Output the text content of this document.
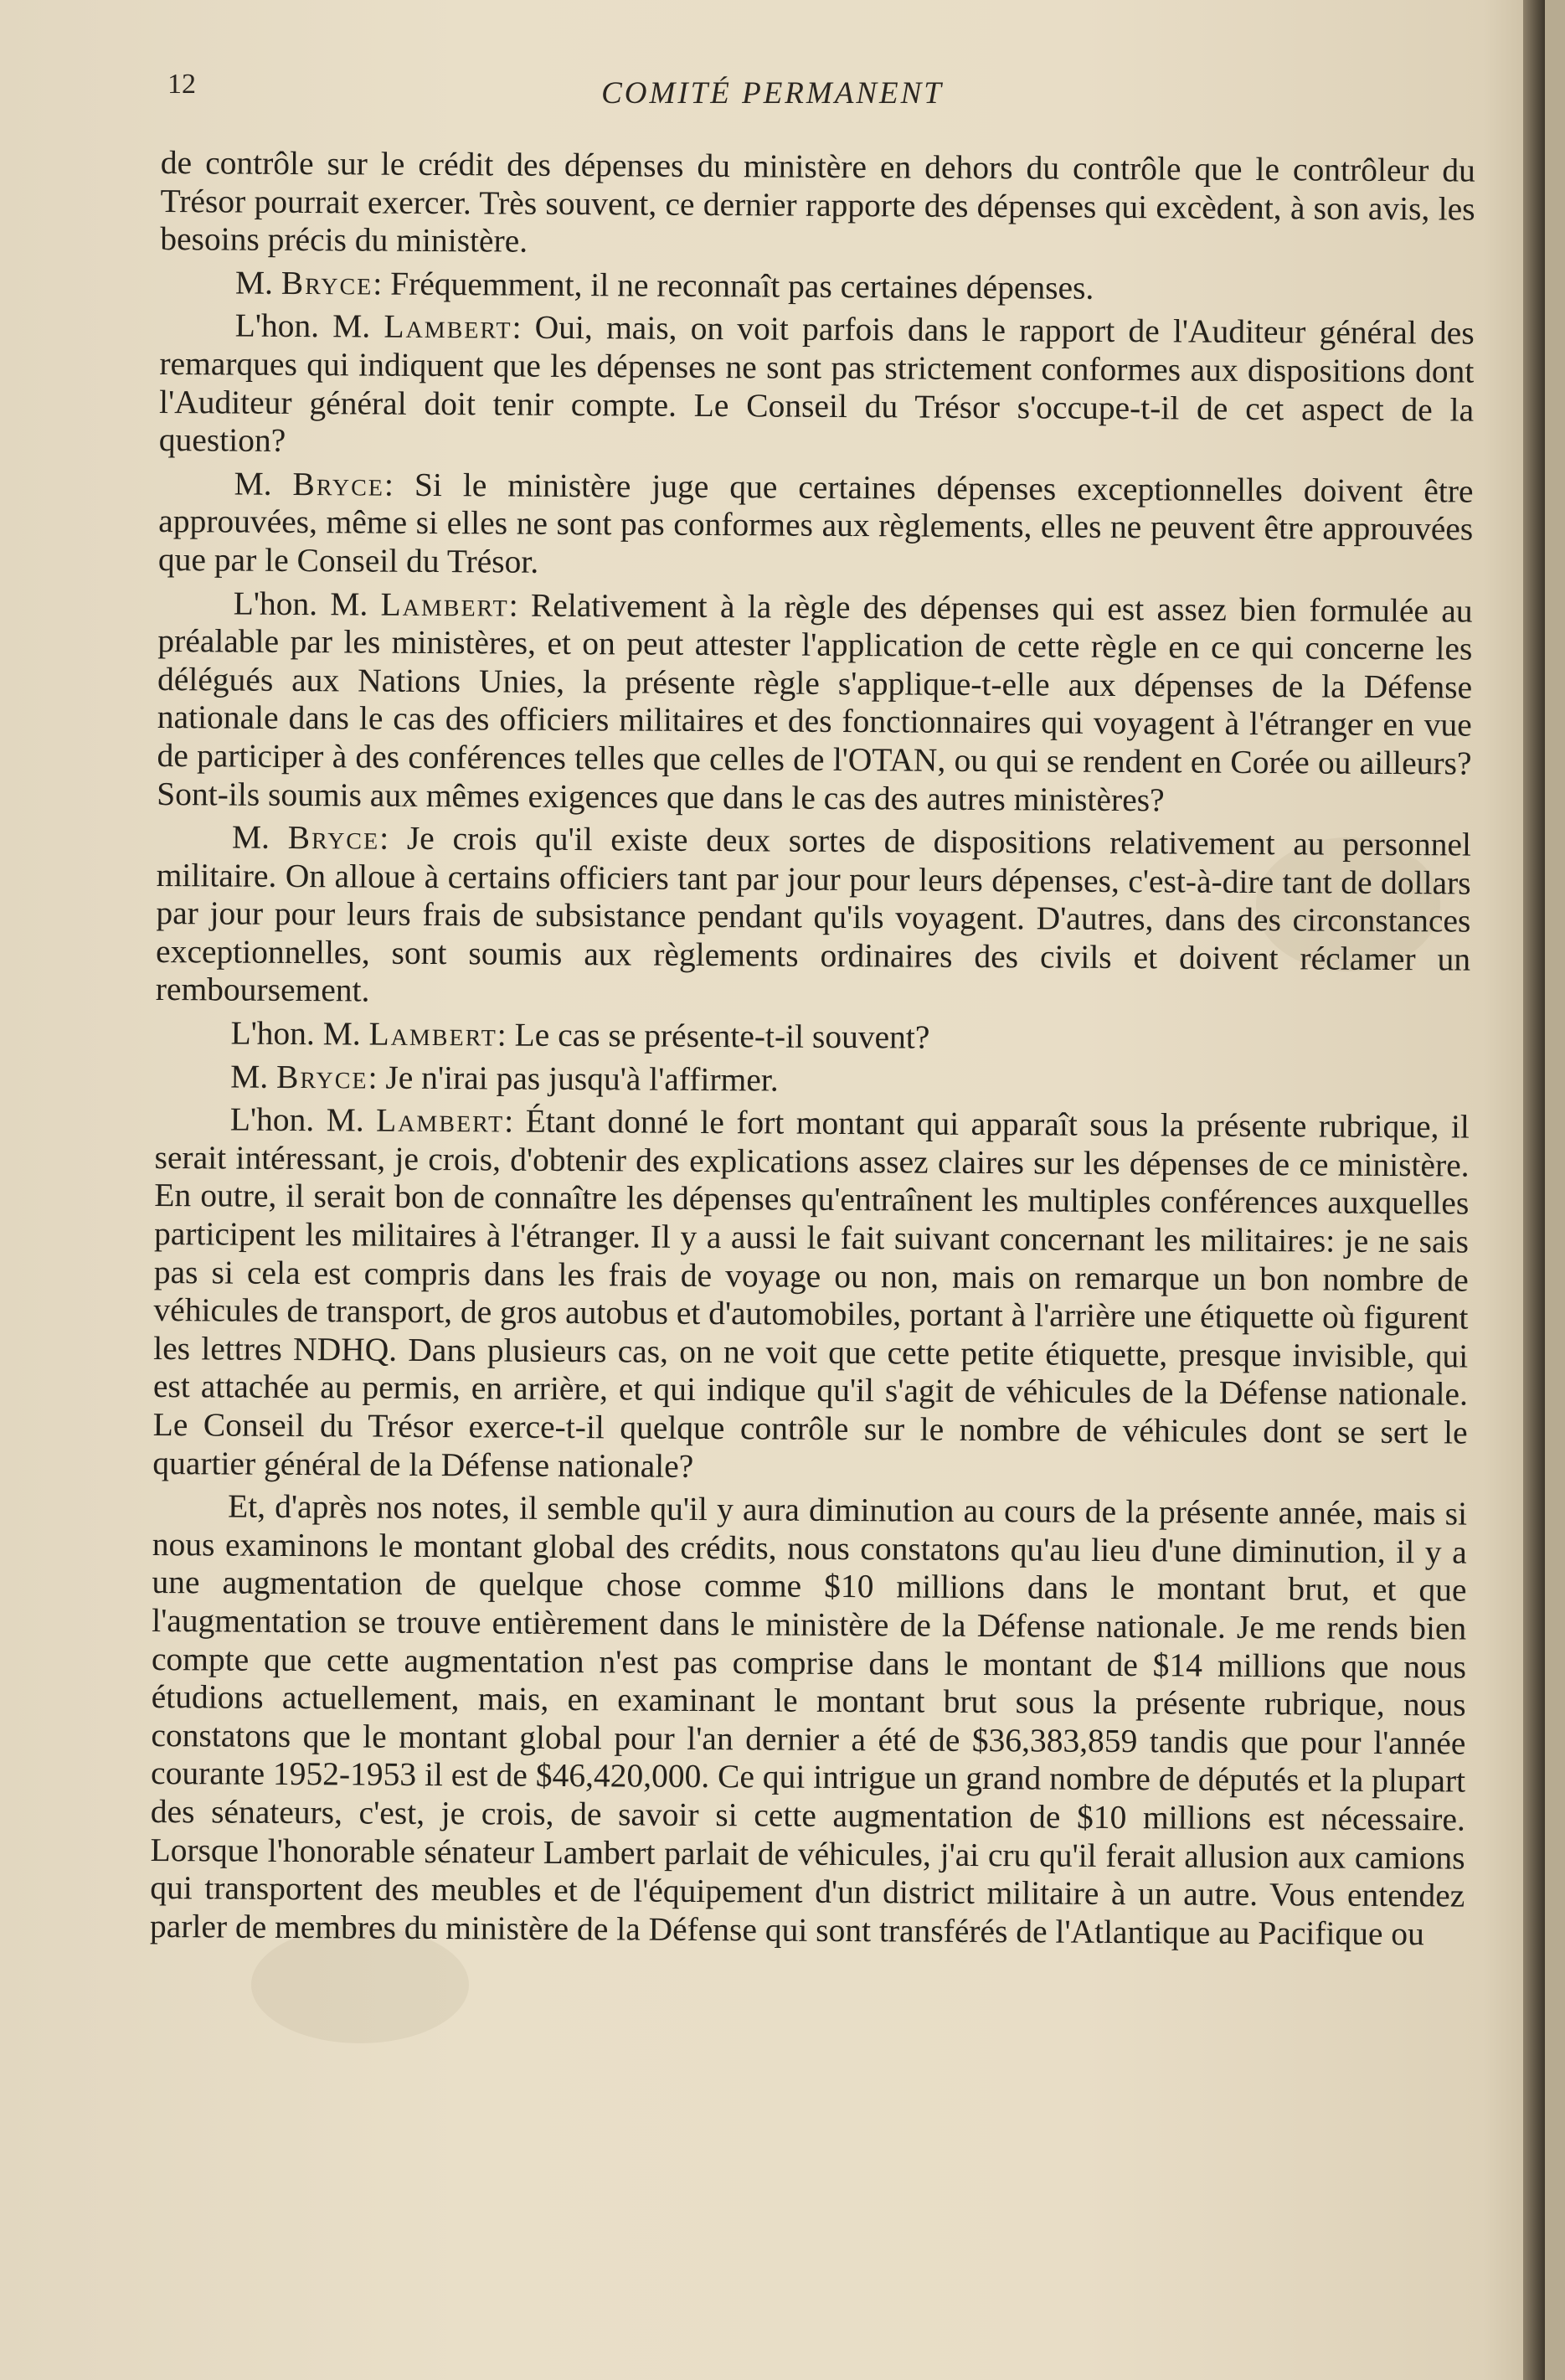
12	COMITÉ PERMANENT

de contrôle sur le crédit des dépenses du ministère en dehors du contrôle que le contrôleur du Trésor pourrait exercer. Très souvent, ce dernier rapporte des dépenses qui excèdent, à son avis, les besoins précis du ministère.

M. Bryce: Fréquemment, il ne reconnaît pas certaines dépenses.

L'hon. M. Lambert: Oui, mais, on voit parfois dans le rapport de l'Auditeur général des remarques qui indiquent que les dépenses ne sont pas strictement conformes aux dispositions dont l'Auditeur général doit tenir compte. Le Conseil du Trésor s'occupe-t-il de cet aspect de la question?

M. Bryce: Si le ministère juge que certaines dépenses exceptionnelles doivent être approuvées, même si elles ne sont pas conformes aux règlements, elles ne peuvent être approuvées que par le Conseil du Trésor.

L'hon. M. Lambert: Relativement à la règle des dépenses qui est assez bien formulée au préalable par les ministères, et on peut attester l'application de cette règle en ce qui concerne les délégués aux Nations Unies, la présente règle s'applique-t-elle aux dépenses de la Défense nationale dans le cas des officiers militaires et des fonctionnaires qui voyagent à l'étranger en vue de participer à des conférences telles que celles de l'OTAN, ou qui se rendent en Corée ou ailleurs? Sont-ils soumis aux mêmes exigences que dans le cas des autres ministères?

M. Bryce: Je crois qu'il existe deux sortes de dispositions relativement au personnel militaire. On alloue à certains officiers tant par jour pour leurs dépenses, c'est-à-dire tant de dollars par jour pour leurs frais de subsistance pendant qu'ils voyagent. D'autres, dans des circonstances exceptionnelles, sont soumis aux règlements ordinaires des civils et doivent réclamer un remboursement.

L'hon. M. Lambert: Le cas se présente-t-il souvent?

M. Bryce: Je n'irai pas jusqu'à l'affirmer.

L'hon. M. Lambert: Étant donné le fort montant qui apparaît sous la présente rubrique, il serait intéressant, je crois, d'obtenir des explications assez claires sur les dépenses de ce ministère. En outre, il serait bon de connaître les dépenses qu'entraînent les multiples conférences auxquelles participent les militaires à l'étranger. Il y a aussi le fait suivant concernant les militaires: je ne sais pas si cela est compris dans les frais de voyage ou non, mais on remarque un bon nombre de véhicules de transport, de gros autobus et d'automobiles, portant à l'arrière une étiquette où figurent les lettres NDHQ. Dans plusieurs cas, on ne voit que cette petite étiquette, presque invisible, qui est attachée au permis, en arrière, et qui indique qu'il s'agit de véhicules de la Défense nationale. Le Conseil du Trésor exerce-t-il quelque contrôle sur le nombre de véhicules dont se sert le quartier général de la Défense nationale?

Et, d'après nos notes, il semble qu'il y aura diminution au cours de la présente année, mais si nous examinons le montant global des crédits, nous constatons qu'au lieu d'une diminution, il y a une augmentation de quelque chose comme $10 millions dans le montant brut, et que l'augmentation se trouve entièrement dans le ministère de la Défense nationale. Je me rends bien compte que cette augmentation n'est pas comprise dans le montant de $14 millions que nous étudions actuellement, mais, en examinant le montant brut sous la présente rubrique, nous constatons que le montant global pour l'an dernier a été de $36,383,859 tandis que pour l'année courante 1952-1953 il est de $46,420,000. Ce qui intrigue un grand nombre de députés et la plupart des sénateurs, c'est, je crois, de savoir si cette augmentation de $10 millions est nécessaire. Lorsque l'honorable sénateur Lambert parlait de véhicules, j'ai cru qu'il ferait allusion aux camions qui transportent des meubles et de l'équipement d'un district militaire à un autre. Vous entendez parler de membres du ministère de la Défense qui sont transférés de l'Atlantique au Pacifique ou
